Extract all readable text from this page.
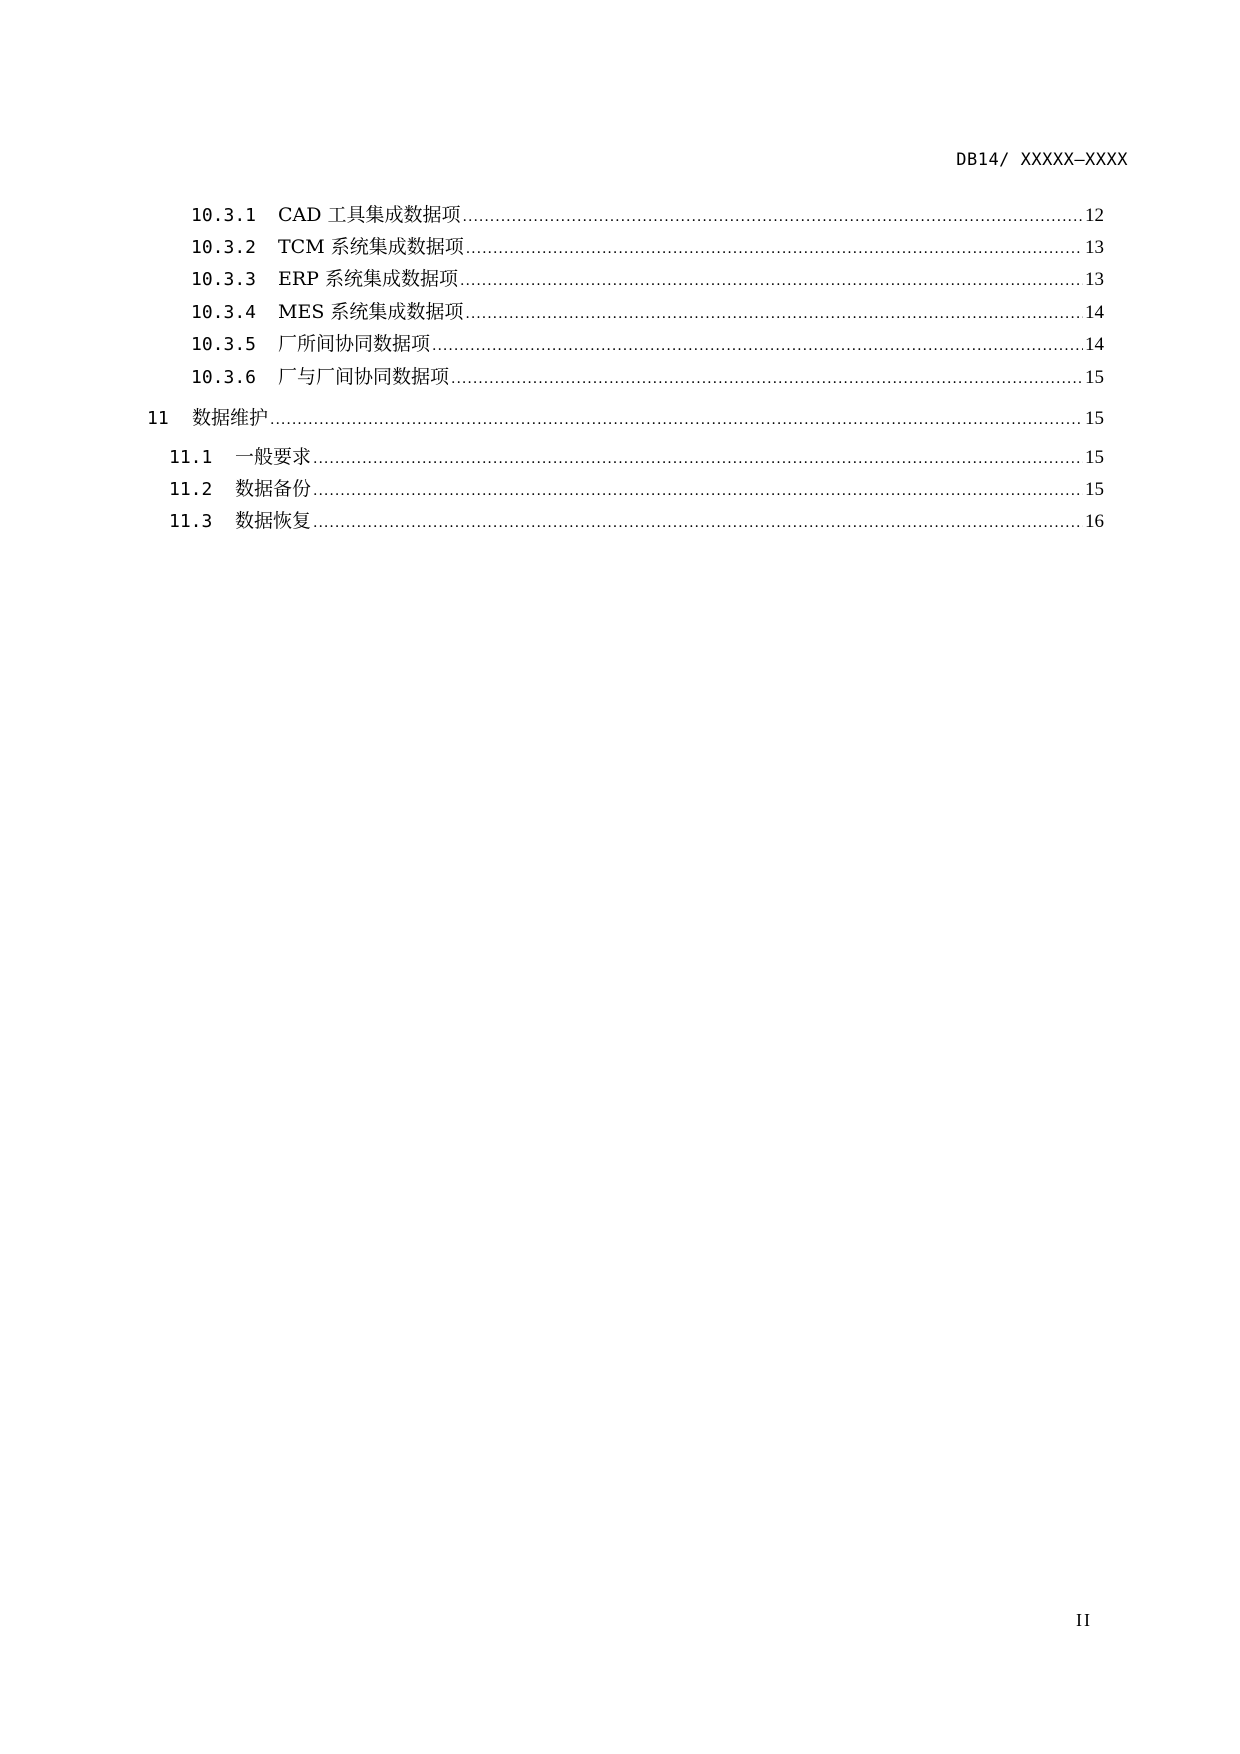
DB14/ XXXXX—XXXX
10.3.1	CAD 工具集成数据项 .....	12
10.3.2	TCM 系统集成数据项 .....	13
10.3.3	ERP 系统集成数据项 .....	13
10.3.4	MES 系统集成数据项 .....	14
10.3.5	厂所间协同数据项 .....	14
10.3.6	厂与厂间协同数据项 .....	15
11	数据维护 .....	15
11.1	一般要求 .....	15
11.2	数据备份 .....	15
11.3	数据恢复 .....	16
II
